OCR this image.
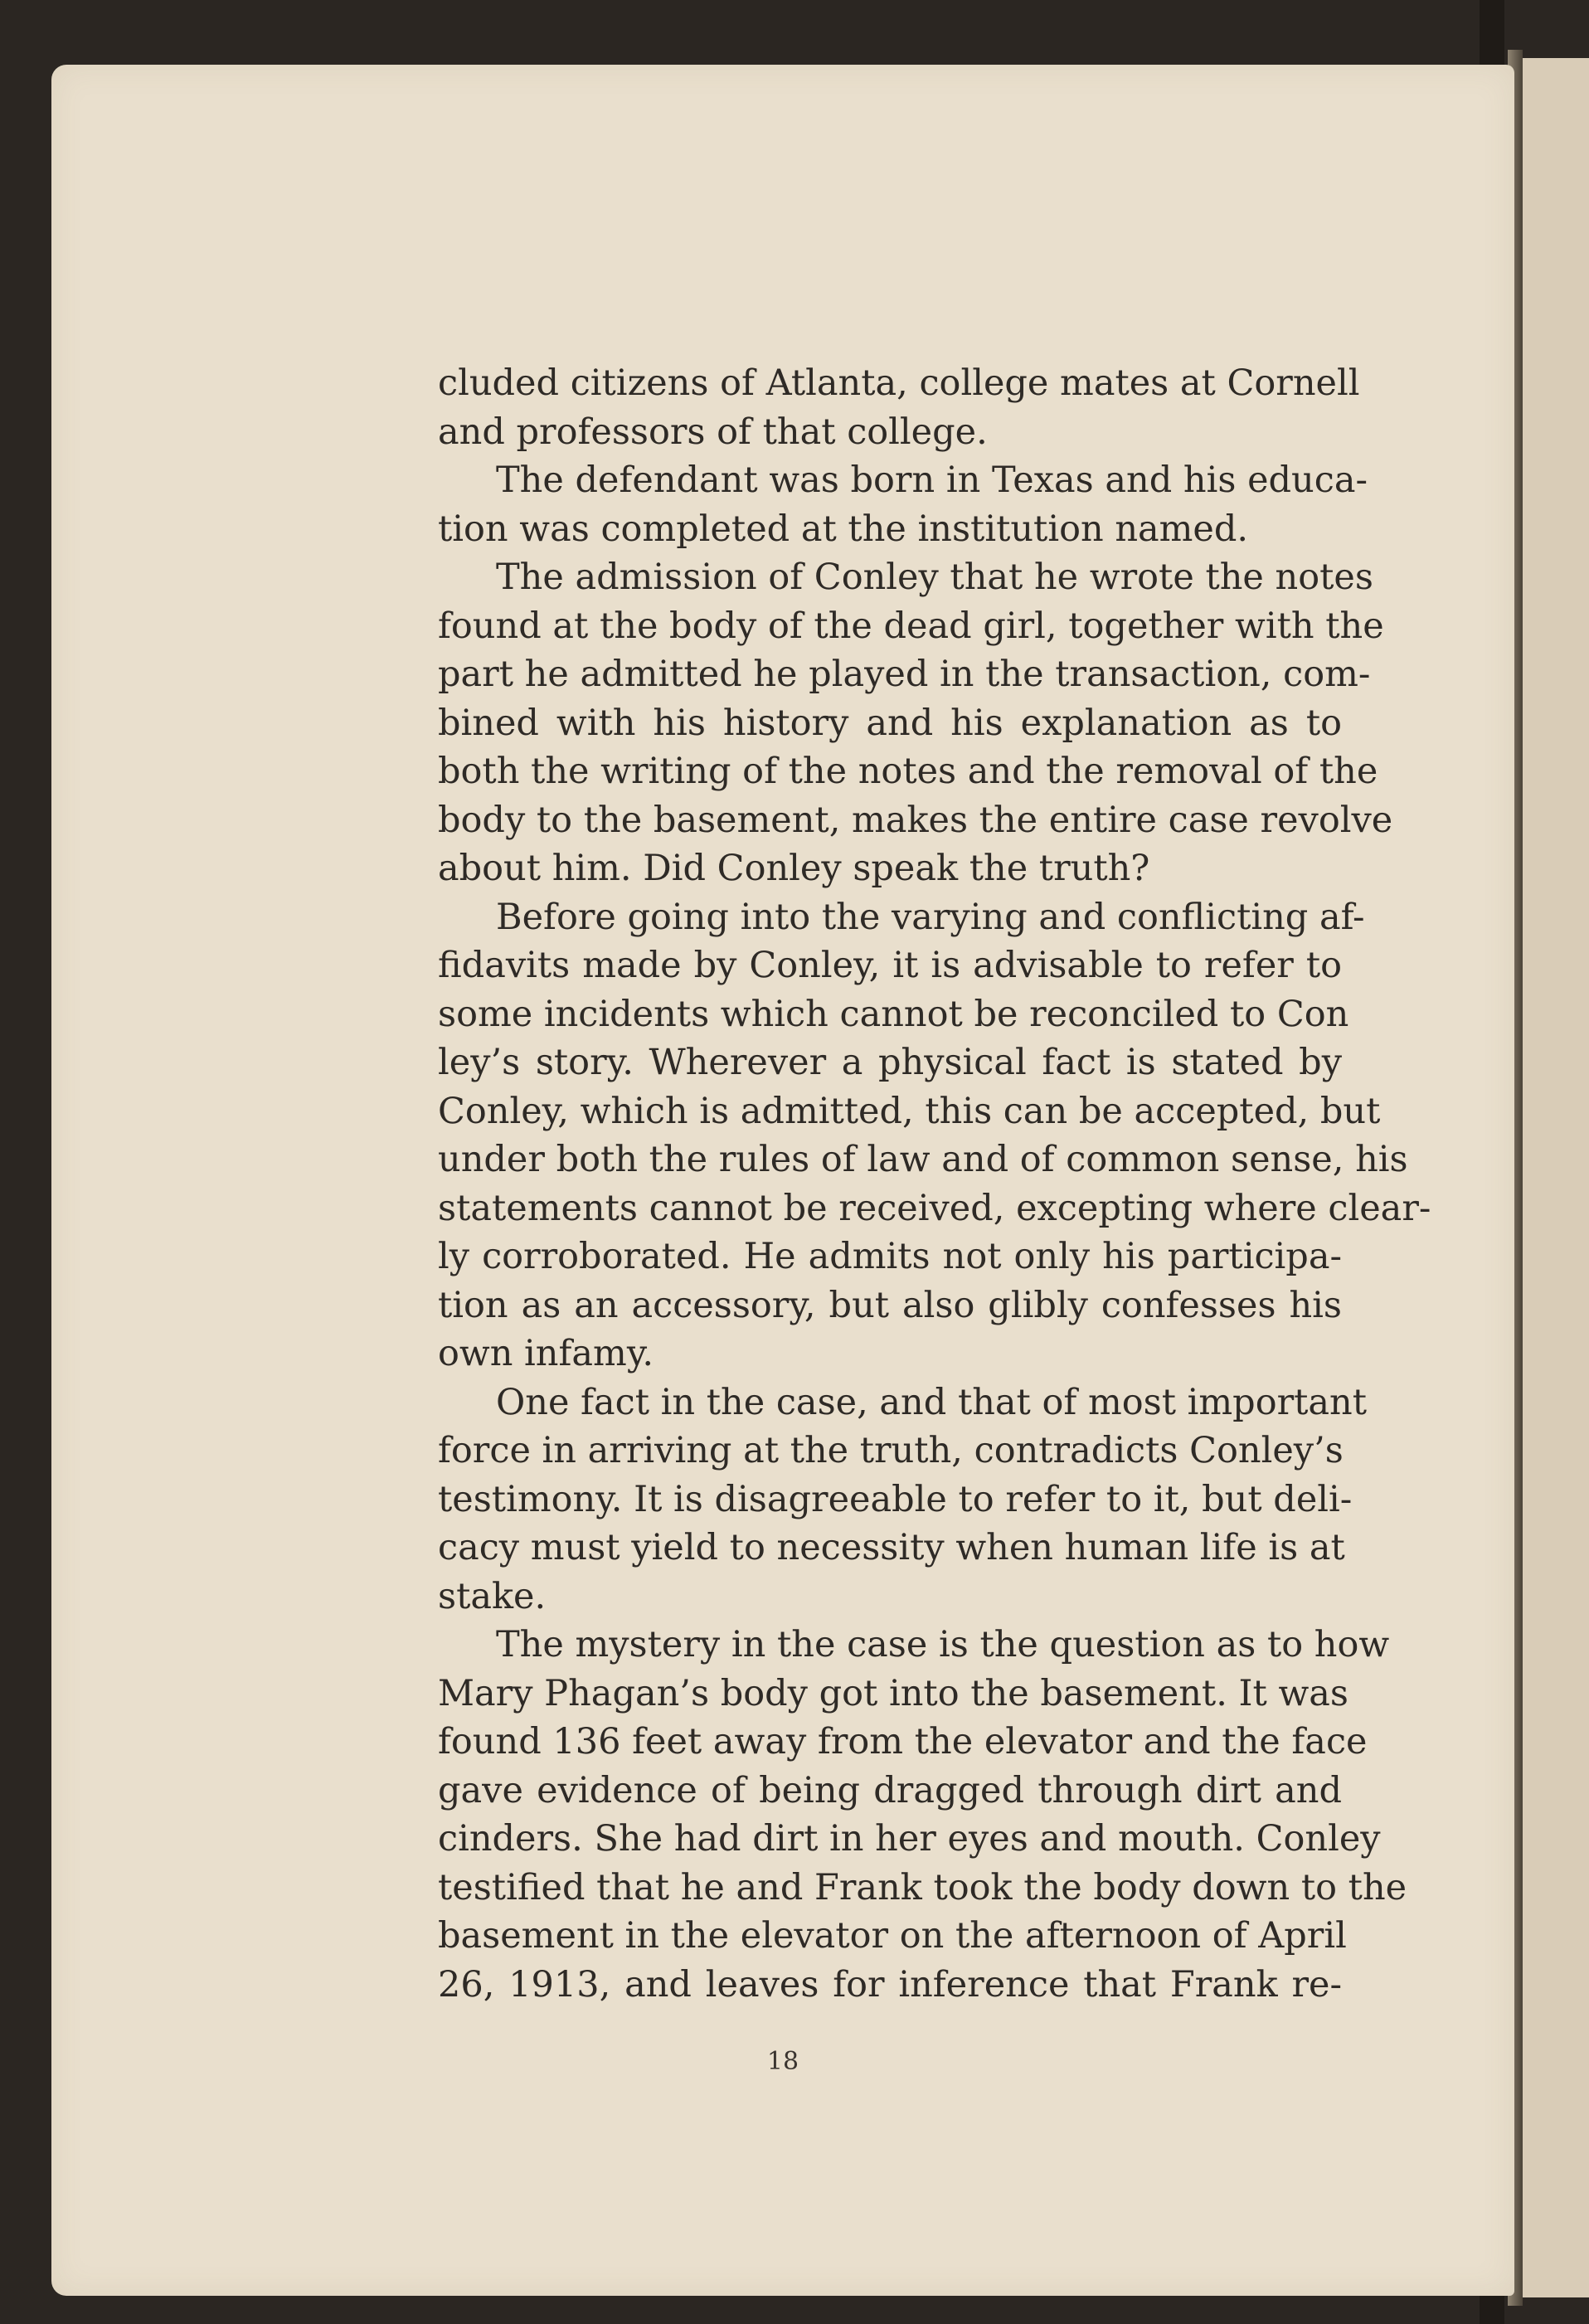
cluded citizens of Atlanta, college mates at Cornell
and professors of that college.
The defendant was born in Texas and his educa-
tion was completed at the institution named.
The admission of Conley that he wrote the notes
found at the body of the dead girl, together with the
part he admitted he played in the transaction, com-
bined with his history and his explanation as to
both the writing of the notes and the removal of the
body to the basement, makes the entire case revolve
about him. Did Conley speak the truth?
Before going into the varying and conflicting af-
fidavits made by Conley, it is advisable to refer to
some incidents which cannot be reconciled to Con
ley’s story. Wherever a physical fact is stated by
Conley, which is admitted, this can be accepted, but
under both the rules of law and of common sense, his
statements cannot be received, excepting where clear-
ly corroborated. He admits not only his participa-
tion as an accessory, but also glibly confesses his
own infamy.
One fact in the case, and that of most important
force in arriving at the truth, contradicts Conley’s
testimony. It is disagreeable to refer to it, but deli-
cacy must yield to necessity when human life is at
stake.
The mystery in the case is the question as to how
Mary Phagan’s body got into the basement. It was
found 136 feet away from the elevator and the face
gave evidence of being dragged through dirt and
cinders. She had dirt in her eyes and mouth. Conley
testified that he and Frank took the body down to the
basement in the elevator on the afternoon of April
26, 1913, and leaves for inference that Frank re-
18
